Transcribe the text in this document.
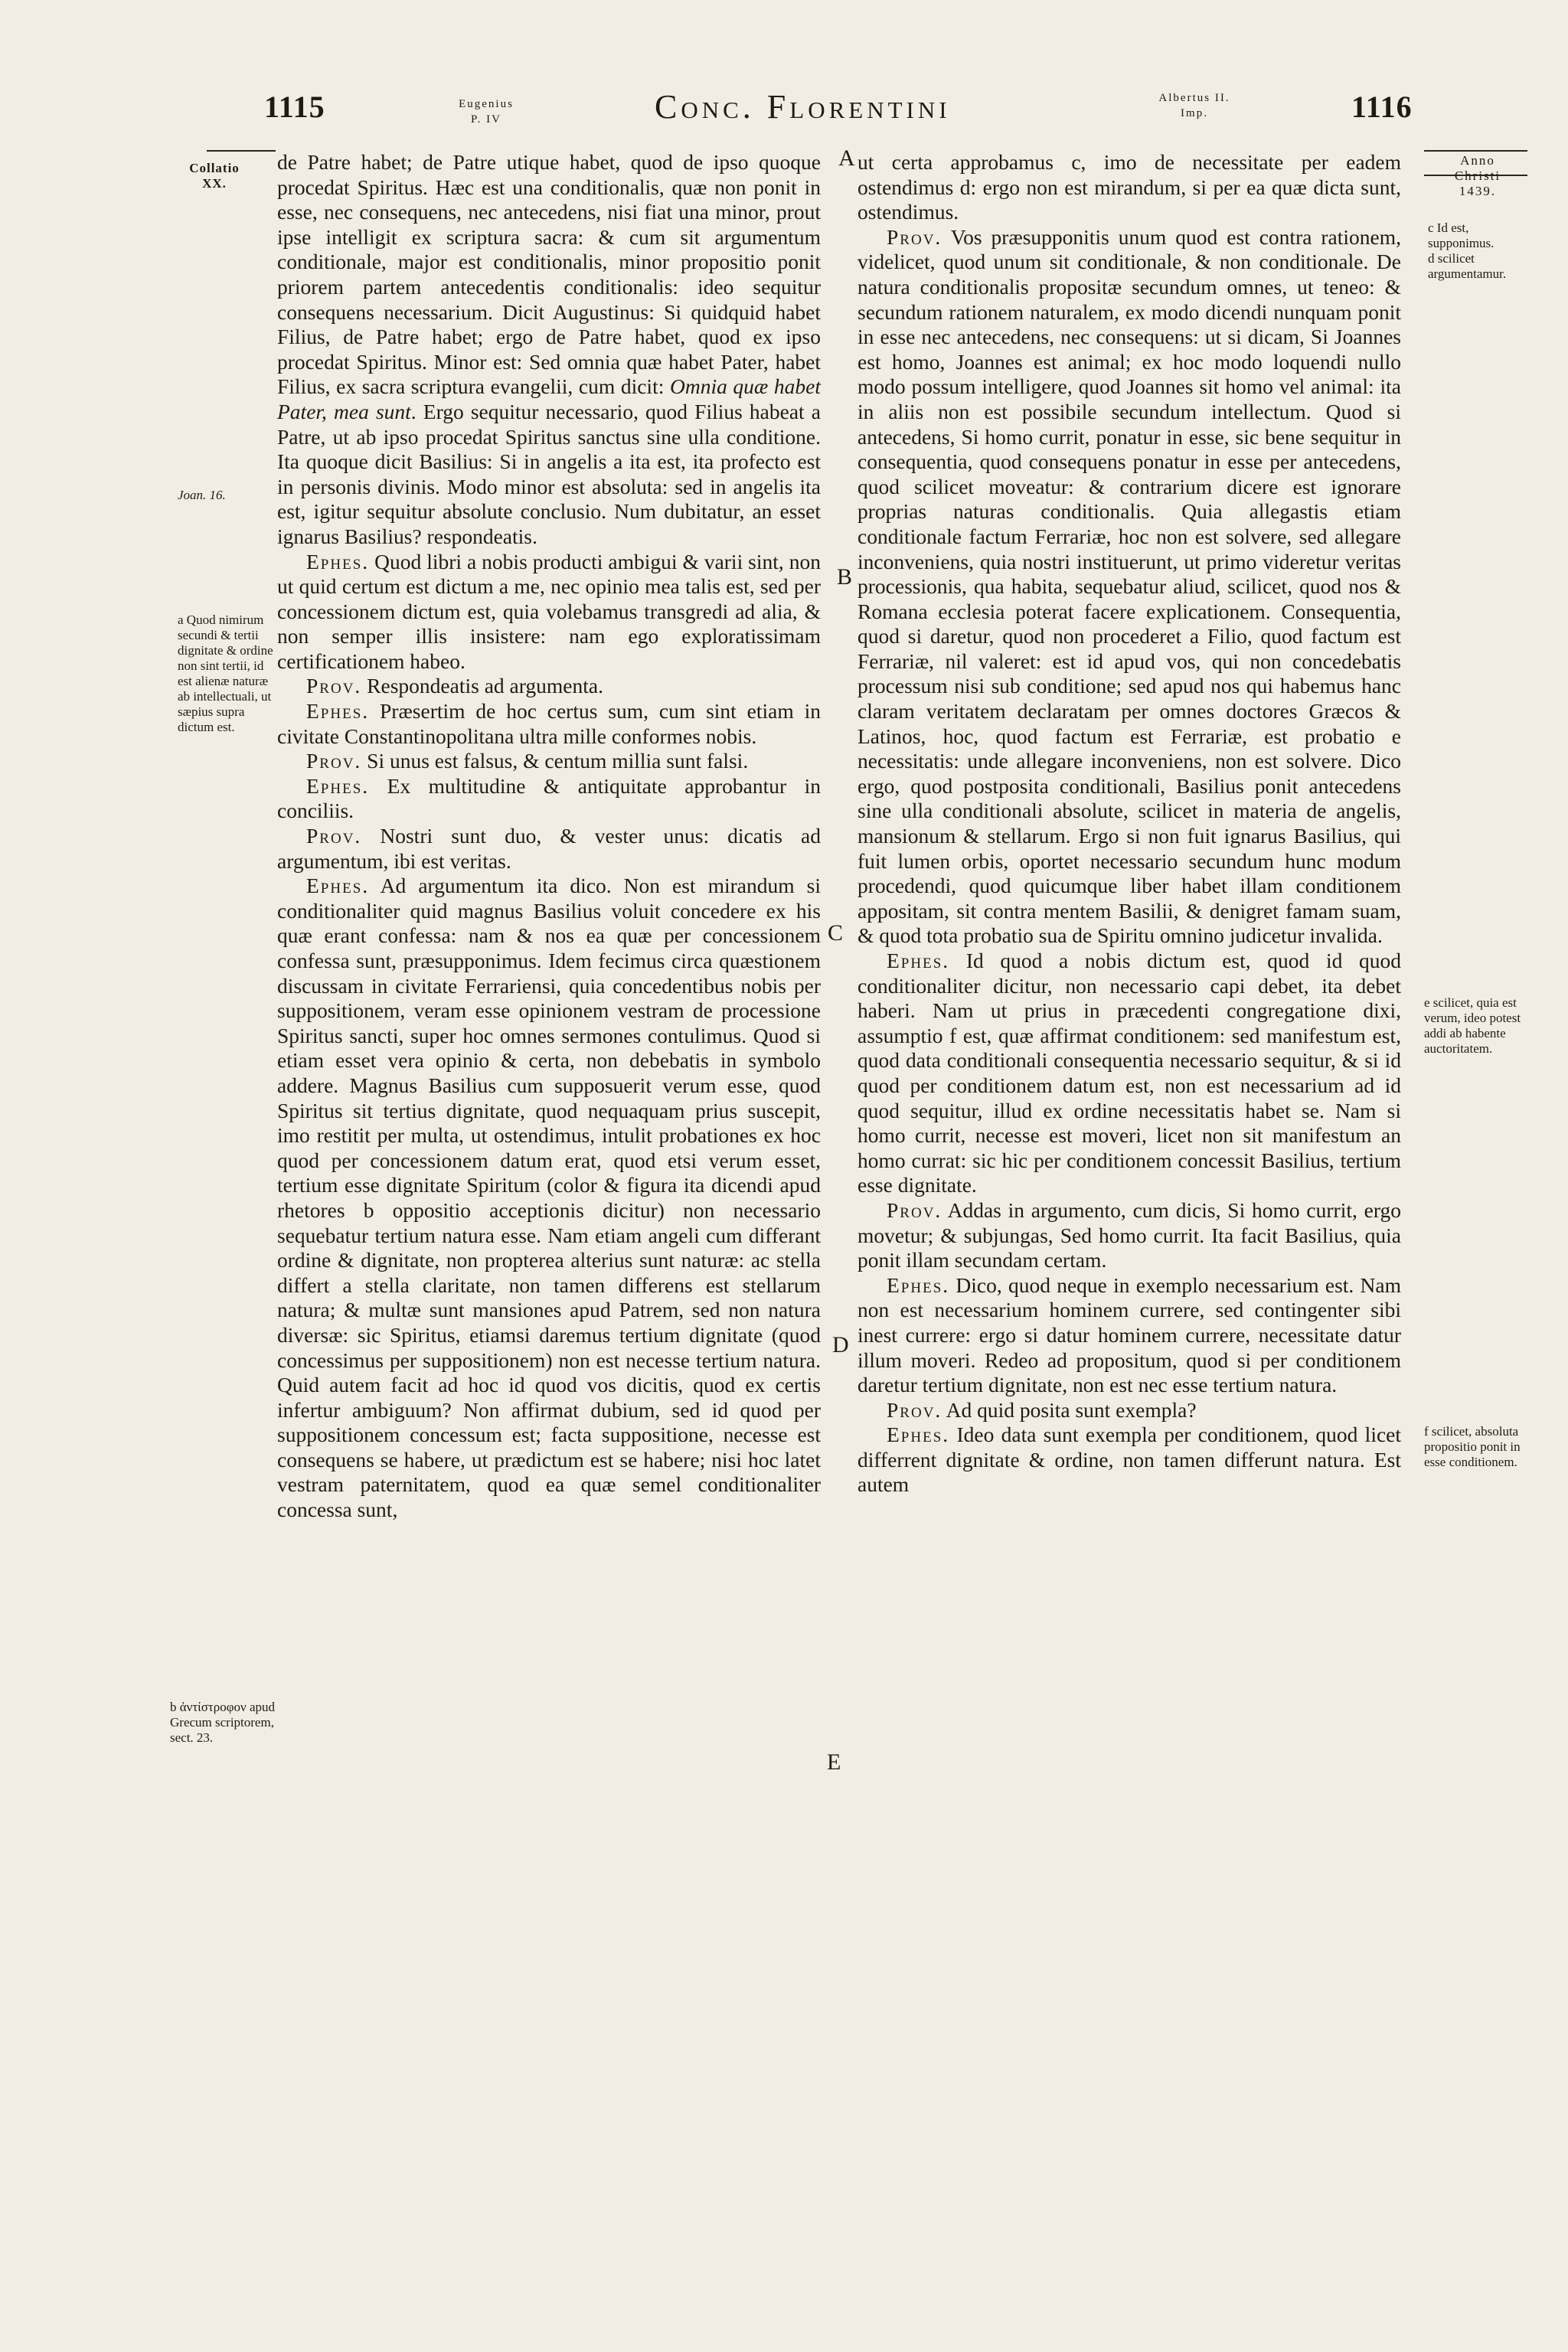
1115	Eugenius
P. IV	Conc. Florentini	Albertus II.
Imp.	1116
Collatio
XX.
Joan. 16.
a Quod nimirum secundi & tertii dignitate & ordine non sint tertii, id est alienæ naturæ ab intellectuali, ut sæpius supra dictum est.
b ἀντίστροφον apud Grecum scriptorem, sect. 23.
Anno
Christi
1439.
c Id est, supponimus.
d scilicet argumentamur.
e scilicet, quia est verum, ideo potest addi ab habente auctoritatem.
f scilicet, absoluta propositio ponit in esse conditionem.
A
B
C
D
E

de Patre habet; de Patre utique habet, quod de ipso quoque procedat Spiritus. Hæc est una conditionalis, quæ non ponit in esse, nec consequens, nec antecedens, nisi fiat una minor, prout ipse intelligit ex scriptura sacra: & cum sit argumentum conditionale, major est conditionalis, minor propositio ponit priorem partem antecedentis conditionalis: ideo sequitur consequens necessarium. Dicit Augustinus: Si quidquid habet Filius, de Patre habet; ergo de Patre habet, quod ex ipso procedat Spiritus. Minor est: Sed omnia quæ habet Pater, habet Filius, ex sacra scriptura evangelii, cum dicit: Omnia quæ habet Pater, mea sunt. Ergo sequitur necessario, quod Filius habeat a Patre, ut ab ipso procedat Spiritus sanctus sine ulla conditione. Ita quoque dicit Basilius: Si in angelis a ita est, ita profecto est in personis divinis. Modo minor est absoluta: sed in angelis ita est, igitur sequitur absolute conclusio. Num dubitatur, an esset ignarus Basilius? respondeatis.

Ephes. Quod libri a nobis producti ambigui & varii sint, non ut quid certum est dictum a me, nec opinio mea talis est, sed per concessionem dictum est, quia volebamus transgredi ad alia, & non semper illis insistere: nam ego exploratissimam certificationem habeo.

Prov. Respondeatis ad argumenta.

Ephes. Præsertim de hoc certus sum, cum sint etiam in civitate Constantinopolitana ultra mille conformes nobis.

Prov. Si unus est falsus, & centum millia sunt falsi.

Ephes. Ex multitudine & antiquitate approbantur in conciliis.

Prov. Nostri sunt duo, & vester unus: dicatis ad argumentum, ibi est veritas.

Ephes. Ad argumentum ita dico. Non est mirandum si conditionaliter quid magnus Basilius voluit concedere ex his quæ erant confessa: nam & nos ea quæ per concessionem confessa sunt, præsupponimus. Idem fecimus circa quæstionem discussam in civitate Ferrariensi, quia concedentibus nobis per suppositionem, veram esse opinionem vestram de processione Spiritus sancti, super hoc omnes sermones contulimus. Quod si etiam esset vera opinio & certa, non debebatis in symbolo addere. Magnus Basilius cum supposuerit verum esse, quod Spiritus sit tertius dignitate, quod nequaquam prius suscepit, imo restitit per multa, ut ostendimus, intulit probationes ex hoc quod per concessionem datum erat, quod etsi verum esset, tertium esse dignitate Spiritum (color & figura ita dicendi apud rhetores b oppositio acceptionis dicitur) non necessario sequebatur tertium natura esse. Nam etiam angeli cum differant ordine & dignitate, non propterea alterius sunt naturæ: ac stella differt a stella claritate, non tamen differens est stellarum natura; & multæ sunt mansiones apud Patrem, sed non natura diversæ: sic Spiritus, etiamsi daremus tertium dignitate (quod concessimus per suppositionem) non est necesse tertium natura. Quid autem facit ad hoc id quod vos dicitis, quod ex certis infertur ambiguum? Non affirmat dubium, sed id quod per suppositionem concessum est; facta suppositione, necesse est consequens se habere, ut prædictum est se habere; nisi hoc latet vestram paternitatem, quod ea quæ semel conditionaliter concessa sunt,

ut certa approbamus c, imo de necessitate per eadem ostendimus d: ergo non est mirandum, si per ea quæ dicta sunt, ostendimus.

Prov. Vos præsupponitis unum quod est contra rationem, videlicet, quod unum sit conditionale, & non conditionale. De natura conditionalis propositæ secundum omnes, ut teneo: & secundum rationem naturalem, ex modo dicendi nunquam ponit in esse nec antecedens, nec consequens: ut si dicam, Si Joannes est homo, Joannes est animal; ex hoc modo loquendi nullo modo possum intelligere, quod Joannes sit homo vel animal: ita in aliis non est possibile secundum intellectum. Quod si antecedens, Si homo currit, ponatur in esse, sic bene sequitur in consequentia, quod consequens ponatur in esse per antecedens, quod scilicet moveatur: & contrarium dicere est ignorare proprias naturas conditionalis. Quia allegastis etiam conditionale factum Ferrariæ, hoc non est solvere, sed allegare inconveniens, quia nostri instituerunt, ut primo videretur veritas processionis, qua habita, sequebatur aliud, scilicet, quod nos & Romana ecclesia poterat facere explicationem. Consequentia, quod si daretur, quod non procederet a Filio, quod factum est Ferrariæ, nil valeret: est id apud vos, qui non concedebatis processum nisi sub conditione; sed apud nos qui habemus hanc claram veritatem declaratam per omnes doctores Græcos & Latinos, hoc, quod factum est Ferrariæ, est probatio e necessitatis: unde allegare inconveniens, non est solvere. Dico ergo, quod postposita conditionali, Basilius ponit antecedens sine ulla conditionali absolute, scilicet in materia de angelis, mansionum & stellarum. Ergo si non fuit ignarus Basilius, qui fuit lumen orbis, oportet necessario secundum hunc modum procedendi, quod quicumque liber habet illam conditionem appositam, sit contra mentem Basilii, & denigret famam suam, & quod tota probatio sua de Spiritu omnino judicetur invalida.

Ephes. Id quod a nobis dictum est, quod id quod conditionaliter dicitur, non necessario capi debet, ita debet haberi. Nam ut prius in præcedenti congregatione dixi, assumptio f est, quæ affirmat conditionem: sed manifestum est, quod data conditionali consequentia necessario sequitur, & si id quod per conditionem datum est, non est necessarium ad id quod sequitur, illud ex ordine necessitatis habet se. Nam si homo currit, necesse est moveri, licet non sit manifestum an homo currat: sic hic per conditionem concessit Basilius, tertium esse dignitate.

Prov. Addas in argumento, cum dicis, Si homo currit, ergo movetur; & subjungas, Sed homo currit. Ita facit Basilius, quia ponit illam secundam certam.

Ephes. Dico, quod neque in exemplo necessarium est. Nam non est necessarium hominem currere, sed contingenter sibi inest currere: ergo si datur hominem currere, necessitate datur illum moveri. Redeo ad propositum, quod si per conditionem daretur tertium dignitate, non est nec esse tertium natura.

Prov. Ad quid posita sunt exempla?

Ephes. Ideo data sunt exempla per conditionem, quod licet differrent dignitate & ordine, non tamen differunt natura. Est autem
